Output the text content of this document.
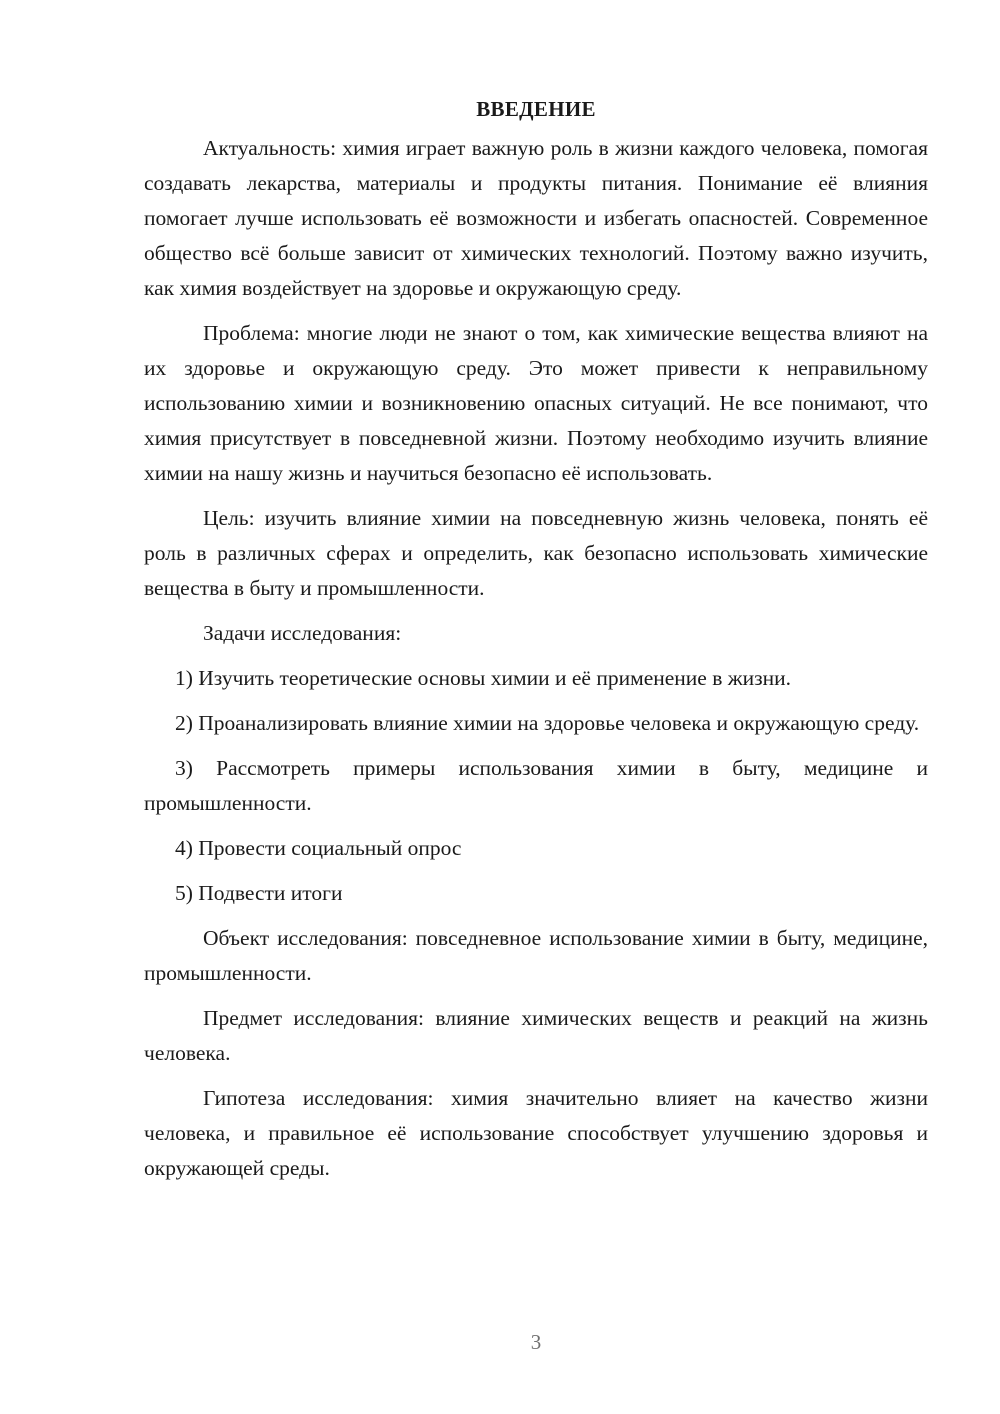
ВВЕДЕНИЕ

Актуальность: химия играет важную роль в жизни каждого человека, помогая создавать лекарства, материалы и продукты питания. Понимание её влияния помогает лучше использовать её возможности и избегать опасностей. Современное общество всё больше зависит от химических технологий. Поэтому важно изучить, как химия воздействует на здоровье и окружающую среду.

Проблема: многие люди не знают о том, как химические вещества влияют на их здоровье и окружающую среду. Это может привести к неправильному использованию химии и возникновению опасных ситуаций. Не все понимают, что химия присутствует в повседневной жизни. Поэтому необходимо изучить влияние химии на нашу жизнь и научиться безопасно её использовать.

Цель: изучить влияние химии на повседневную жизнь человека, понять её роль в различных сферах и определить, как безопасно использовать химические вещества в быту и промышленности.

Задачи исследования:

1) Изучить теоретические основы химии и её применение в жизни.

2) Проанализировать влияние химии на здоровье человека и окружающую среду.

3) Рассмотреть примеры использования химии в быту, медицине и промышленности.

4) Провести социальный опрос

5) Подвести итоги

Объект исследования: повседневное использование химии в быту, медицине, промышленности.

Предмет исследования: влияние химических веществ и реакций на жизнь человека.

Гипотеза исследования: химия значительно влияет на качество жизни человека, и правильное её использование способствует улучшению здоровья и окружающей среды.

3
